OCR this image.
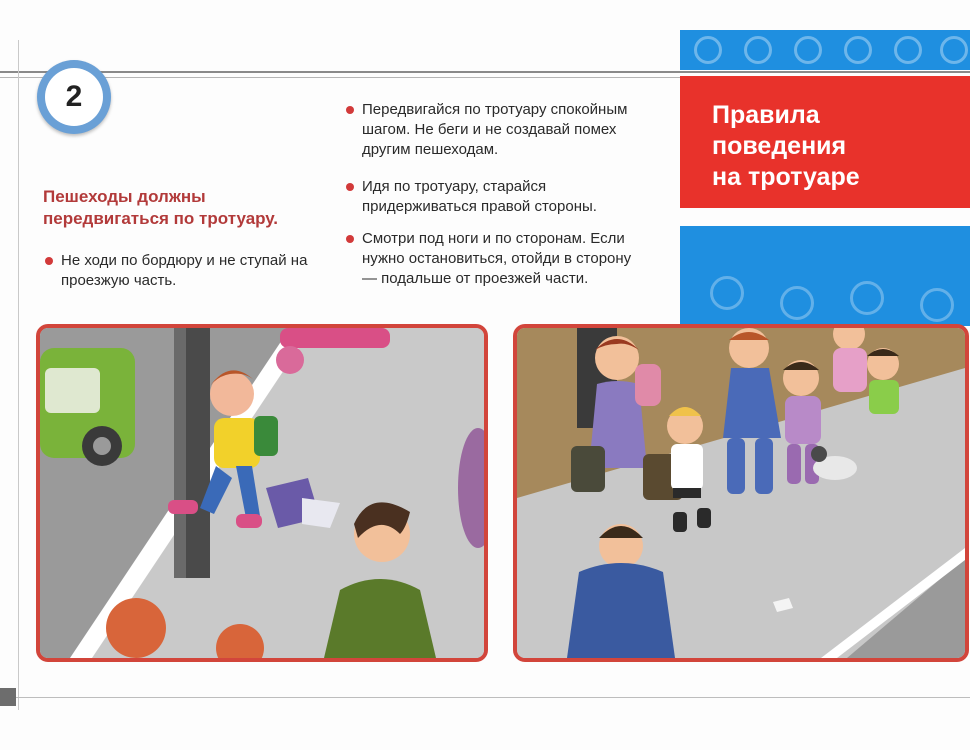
2
Правила
поведения
на тротуаре
Пешеходы должны
передвигаться по тротуару.
Не ходи по бордюру и не ступай на проезжую часть.
Передвигайся по тротуару спокойным шагом. Не беги и не создавай помех другим пешеходам.
Идя по тротуару, старайся придерживаться правой стороны.
Смотри под ноги и по сторонам. Если нужно остановиться, отойди в сторону — подальше от проезжей части.
